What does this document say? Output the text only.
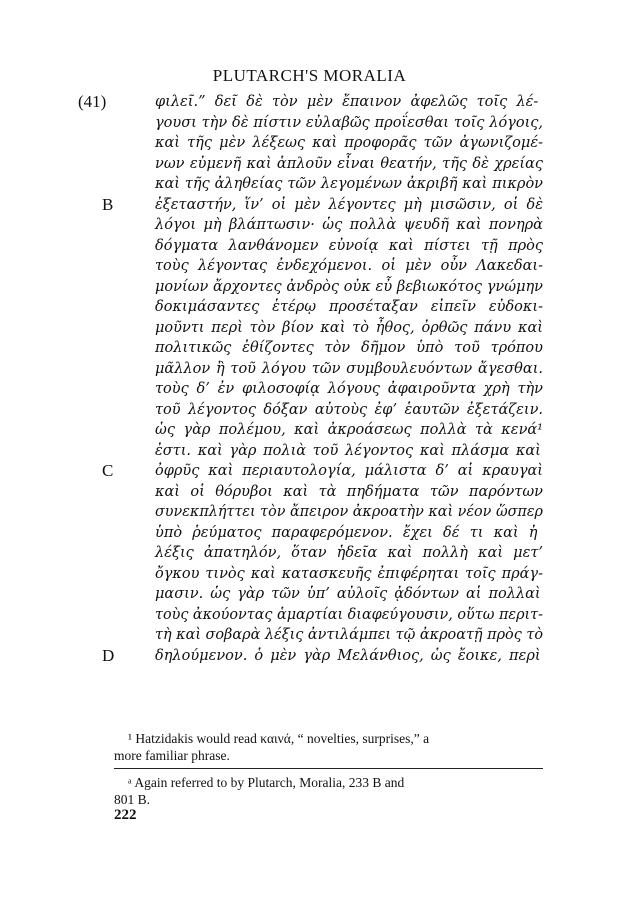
PLUTARCH'S MORALIA
(41)	φιλεῖ.” δεῖ δὲ τὸν μὲν ἔπαινον ἀφελῶς τοῖς λέ-
γουσι τὴν δὲ πίστιν εὐλαβῶς προΐεσθαι τοῖς λόγοις,
καὶ τῆς μὲν λέξεως καὶ προφορᾶς τῶν ἀγωνιζομέ-
νων εὐμενῆ καὶ ἁπλοῦν εἶναι θεατήν, τῆς δὲ χρείας
καὶ τῆς ἀληθείας τῶν λεγομένων ἀκριβῆ καὶ πικρὸν
B	ἐξεταστήν, ἵν’ οἱ μὲν λέγοντες μὴ μισῶσιν, οἱ δὲ
λόγοι μὴ βλάπτωσιν· ὡς πολλὰ ψευδῆ καὶ πονηρὰ
δόγματα λανθάνομεν εὐνοίᾳ καὶ πίστει τῇ πρὸς
τοὺς λέγοντας ἐνδεχόμενοι. οἱ μὲν οὖν Λακεδαι-
μονίων ἄρχοντες ἀνδρὸς οὐκ εὖ βεβιωκότος γνώμην
δοκιμάσαντες ἑτέρῳ προσέταξαν εἰπεῖν εὐδοκι-
μοῦντι περὶ τὸν βίον καὶ τὸ ἦθος, ὀρθῶς πάνυ καὶ
πολιτικῶς ἐθίζοντες τὸν δῆμον ὑπὸ τοῦ τρόπου
μᾶλλον ἢ τοῦ λόγου τῶν συμβουλευόντων ἄγεσθαι.
τοὺς δ’ ἐν φιλοσοφίᾳ λόγους ἀφαιροῦντα χρὴ τὴν
τοῦ λέγοντος δόξαν αὐτοὺς ἐφ’ ἑαυτῶν ἐξετάζειν.
ὡς γὰρ πολέμου, καὶ ἀκροάσεως πολλὰ τὰ κενά¹
ἐστι. καὶ γὰρ πολιὰ τοῦ λέγοντος καὶ πλάσμα καὶ
C	ὀφρῦς καὶ περιαυτολογία, μάλιστα δ’ αἱ κραυγαὶ
καὶ οἱ θόρυβοι καὶ τὰ πηδήματα τῶν παρόντων
συνεκπλήττει τὸν ἄπειρον ἀκροατὴν καὶ νέον ὥσπερ
ὑπὸ ῥεύματος παραφερόμενον. ἔχει δέ τι καὶ ἡ
λέξις ἀπατηλόν, ὅταν ἡδεῖα καὶ πολλὴ καὶ μετ’
ὄγκου τινὸς καὶ κατασκευῆς ἐπιφέρηται τοῖς πράγ-
μασιν. ὡς γὰρ τῶν ὑπ’ αὐλοῖς ᾀδόντων αἱ πολλαὶ
τοὺς ἀκούοντας ἁμαρτίαι διαφεύγουσιν, οὕτω περιτ-
τὴ καὶ σοβαρὰ λέξις ἀντιλάμπει τῷ ἀκροατῇ πρὸς τὸ
D	δηλούμενον. ὁ μὲν γὰρ Μελάνθιος, ὡς ἔοικε, περὶ
¹ Hatzidakis would read καινά, “ novelties, surprises,” a
more familiar phrase.
ᵃ Again referred to by Plutarch, Moralia, 233 B and
801 B.
222
